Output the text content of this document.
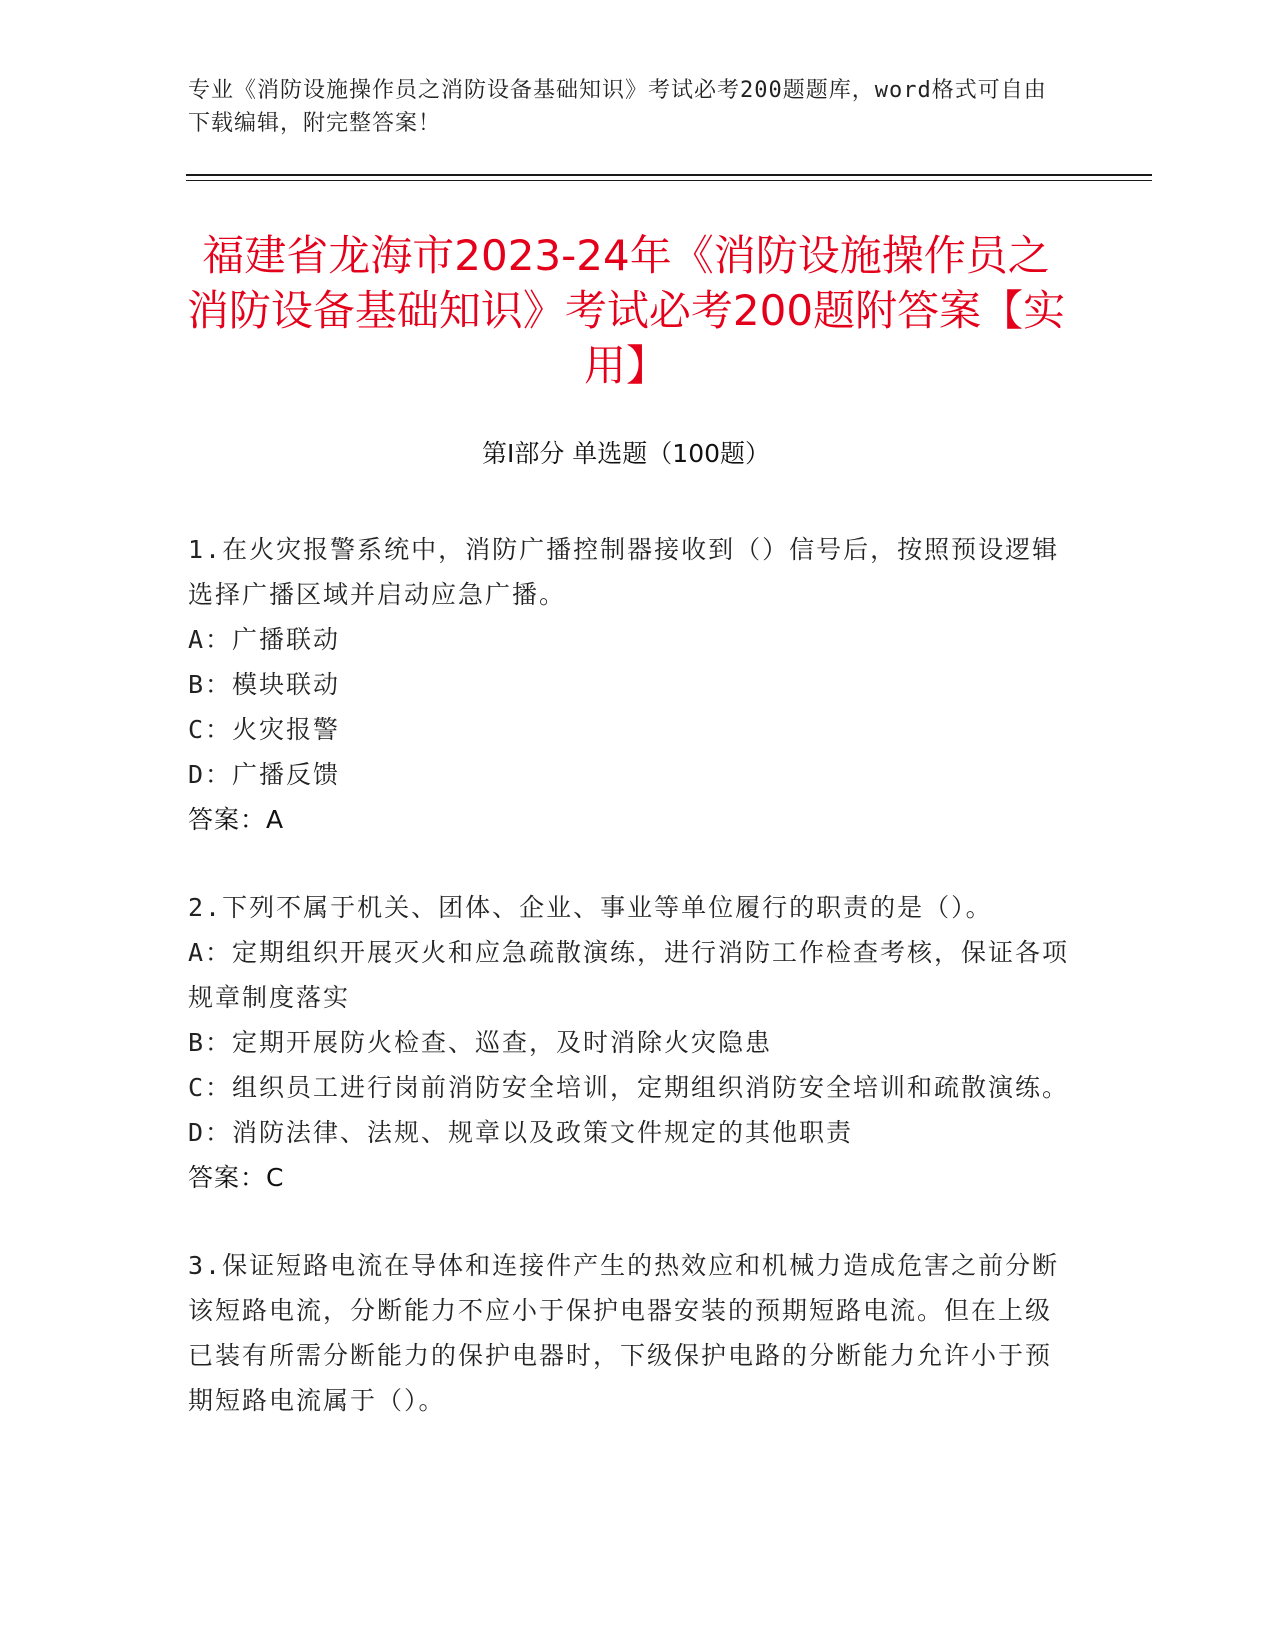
专业《消防设施操作员之消防设备基础知识》考试必考200题题库，word格式可自由下载编辑，附完整答案！
福建省龙海市2023-24年《消防设施操作员之消防设备基础知识》考试必考200题附答案【实用】
第Ⅰ部分 单选题（100题）

1.在火灾报警系统中，消防广播控制器接收到（）信号后，按照预设逻辑选择广播区域并启动应急广播。

A：广播联动

B：模块联动

C：火灾报警

D：广播反馈

答案：A

2.下列不属于机关、团体、企业、事业等单位履行的职责的是（）。

A：定期组织开展灭火和应急疏散演练，进行消防工作检查考核，保证各项规章制度落实

B：定期开展防火检查、巡查，及时消除火灾隐患

C：组织员工进行岗前消防安全培训，定期组织消防安全培训和疏散演练。

D：消防法律、法规、规章以及政策文件规定的其他职责

答案：C

3.保证短路电流在导体和连接件产生的热效应和机械力造成危害之前分断该短路电流，分断能力不应小于保护电器安装的预期短路电流。但在上级已装有所需分断能力的保护电器时，下级保护电路的分断能力允许小于预期短路电流属于（）。
